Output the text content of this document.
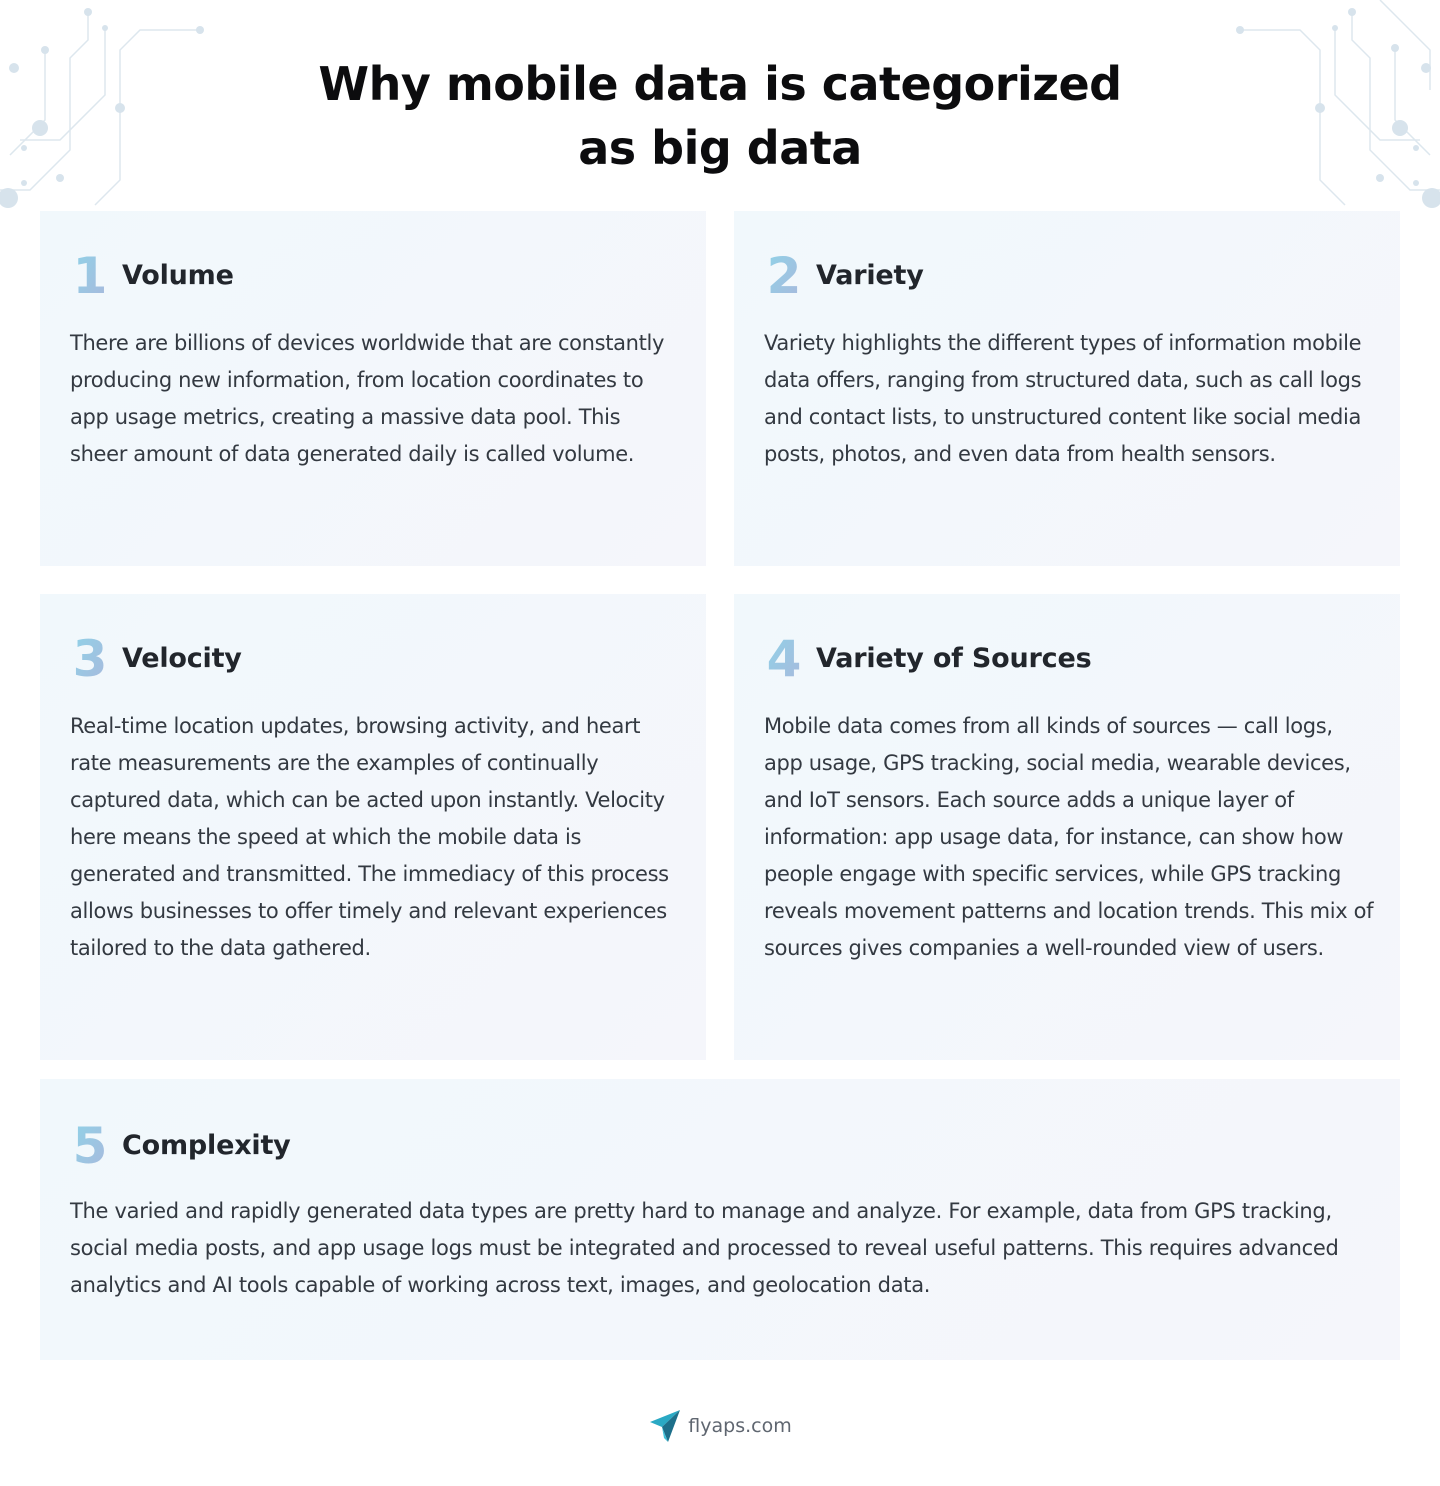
Why mobile data is categorized
as big data
1 Volume

There are billions of devices worldwide that are constantly producing new information, from location coordinates to app usage metrics, creating a massive data pool. This sheer amount of data generated daily is called volume.

2 Variety

Variety highlights the different types of information mobile data offers, ranging from structured data, such as call logs and contact lists, to unstructured content like social media posts, photos, and even data from health sensors.

3 Velocity

Real-time location updates, browsing activity, and heart rate measurements are the examples of continually captured data, which can be acted upon instantly. Velocity here means the speed at which the mobile data is generated and transmitted. The immediacy of this process allows businesses to offer timely and relevant experiences tailored to the data gathered.

4 Variety of Sources

Mobile data comes from all kinds of sources — call logs, app usage, GPS tracking, social media, wearable devices, and IoT sensors. Each source adds a unique layer of information: app usage data, for instance, can show how people engage with specific services, while GPS tracking reveals movement patterns and location trends. This mix of sources gives companies a well-rounded view of users.

5 Complexity

The varied and rapidly generated data types are pretty hard to manage and analyze. For example, data from GPS tracking, social media posts, and app usage logs must be integrated and processed to reveal useful patterns. This requires advanced analytics and AI tools capable of working across text, images, and geolocation data.

flyaps.com
